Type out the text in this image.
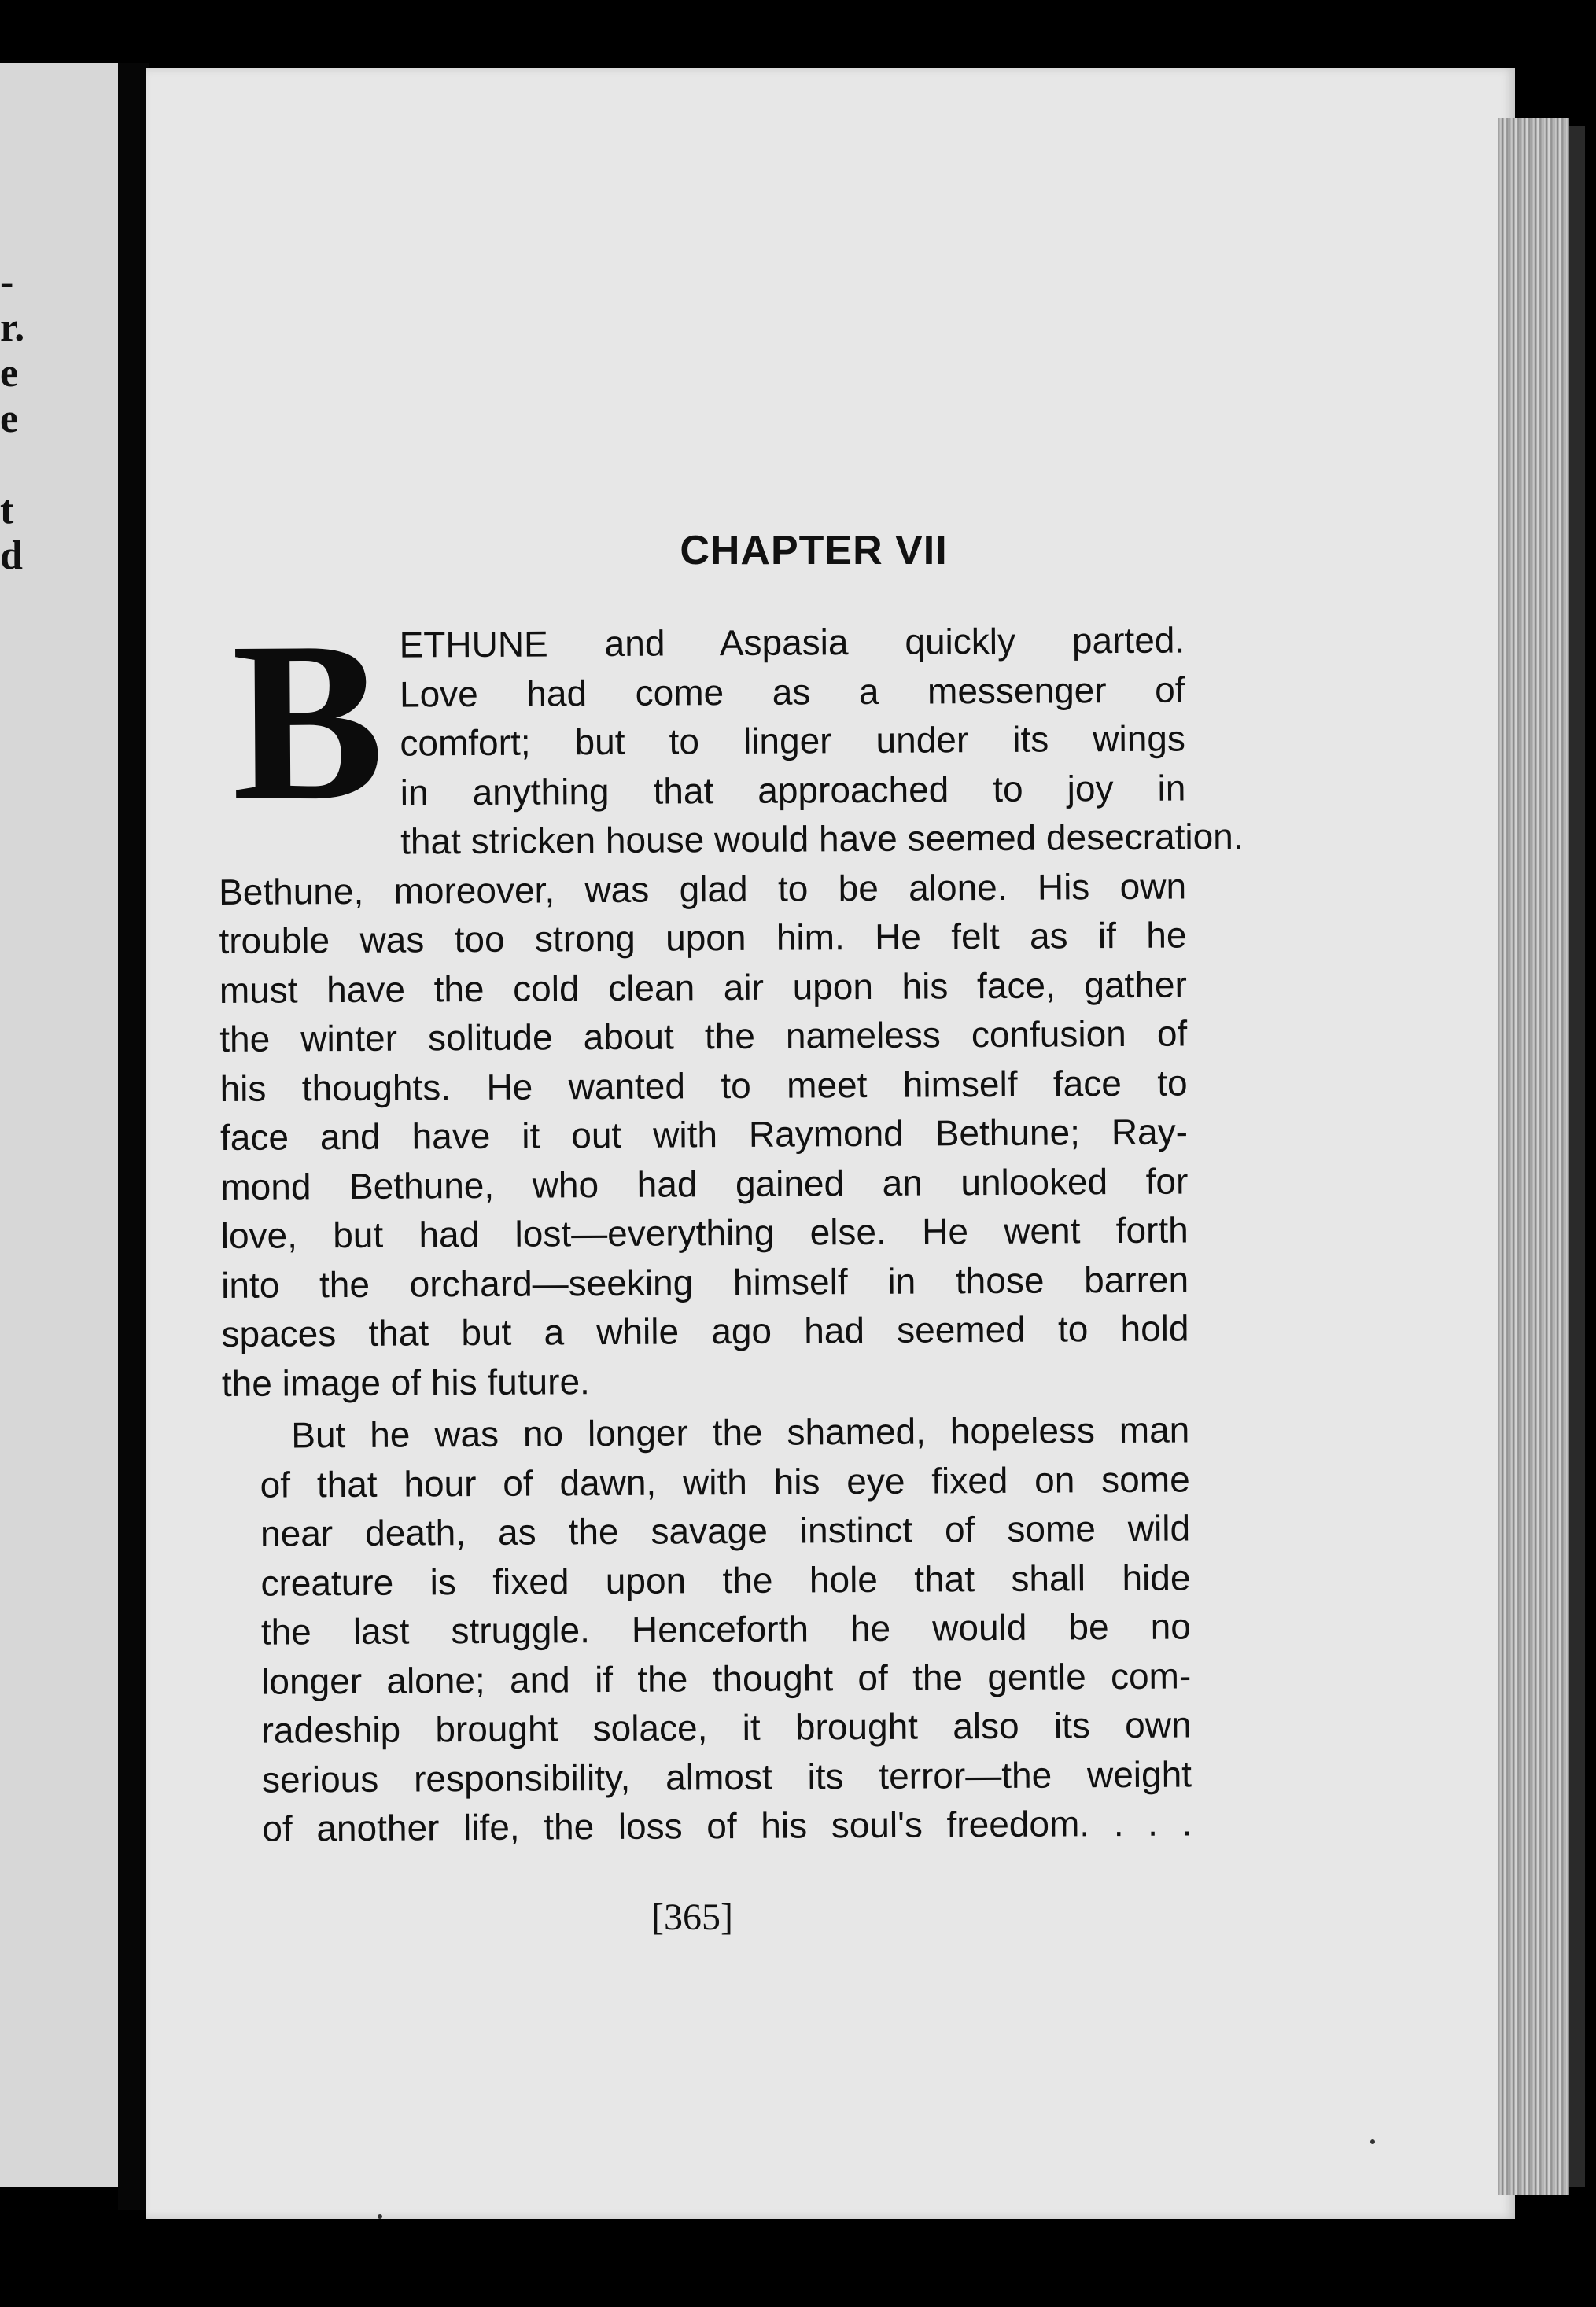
-
r.
e
e

t
d	CHAPTER VII
B ETHUNE and Aspasia quickly parted.
Love had come as a messenger of
comfort; but to linger under its wings
in anything that approached to joy in
that stricken house would have seemed desecration.
Bethune, moreover, was glad to be alone. His own
trouble was too strong upon him. He felt as if he
must have the cold clean air upon his face, gather
the winter solitude about the nameless confusion of
his thoughts. He wanted to meet himself face to
face and have it out with Raymond Bethune; Ray-
mond Bethune, who had gained an unlooked for
love, but had lost—everything else. He went forth
into the orchard—seeking himself in those barren
spaces that but a while ago had seemed to hold
the image of his future.
But he was no longer the shamed, hopeless man
of that hour of dawn, with his eye fixed on some
near death, as the savage instinct of some wild
creature is fixed upon the hole that shall hide
the last struggle. Henceforth he would be no
longer alone; and if the thought of the gentle com-
radeship brought solace, it brought also its own
serious responsibility, almost its terror—the weight
of another life, the loss of his soul's freedom. . . .
[365]
